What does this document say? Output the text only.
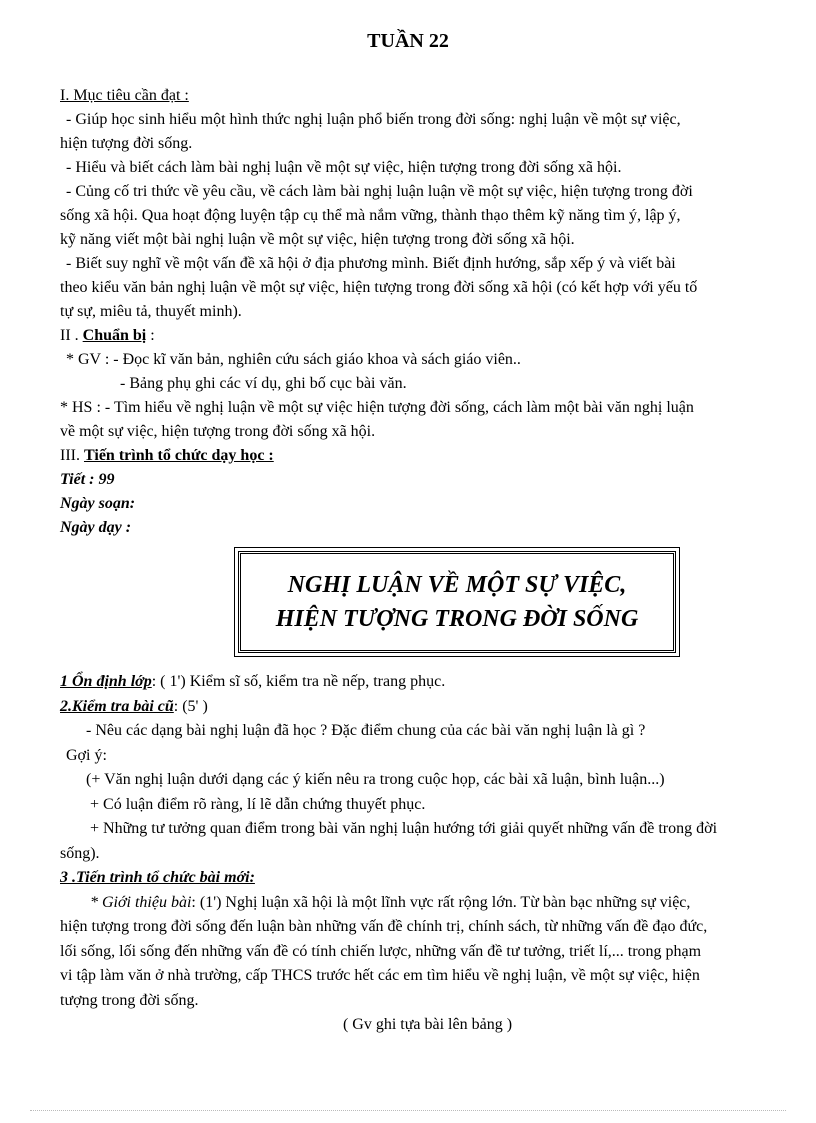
TUẦN 22
I. Mục tiêu cần đạt :
- Giúp học sinh hiểu một hình thức nghị luận phổ biến trong đời sống: nghị luận về một sự việc,
hiện tượng đời sống.
- Hiểu và biết cách làm bài nghị luận về một sự việc, hiện tượng trong đời sống xã hội.
- Củng cố tri thức về yêu cầu, về cách làm bài nghị luận luận về một sự việc, hiện tượng trong đời
sống xã hội. Qua hoạt động luyện tập cụ thể mà nắm vững, thành thạo thêm kỹ năng tìm ý, lập ý,
kỹ năng viết một bài nghị luận về một sự việc, hiện tượng trong đời sống xã hội.
- Biết suy nghĩ về một vấn đề xã hội ở địa phương mình. Biết định hướng, sắp xếp ý và viết bài
theo kiểu văn bản nghị luận về một sự việc, hiện tượng trong đời sống xã hội (có kết hợp với yếu tố
tự sự, miêu tả, thuyết minh).
II . Chuẩn bị :
* GV : - Đọc kĩ văn bản, nghiên cứu sách giáo khoa và sách giáo viên..
- Bảng phụ ghi các ví dụ, ghi bố cục bài văn.
* HS : - Tìm hiểu về nghị luận về một sự việc hiện tượng đời sống, cách làm một bài văn nghị luận
về một sự việc, hiện tượng trong đời sống xã hội.
III. Tiến trình tổ chức dạy học :
Tiết : 99
Ngày soạn:
Ngày dạy :
NGHỊ LUẬN VỀ MỘT SỰ VIỆC,
HIỆN TƯỢNG TRONG ĐỜI SỐNG
1 Ổn định lớp: ( 1') Kiểm sĩ số, kiểm tra nề nếp, trang phục.
2.Kiểm tra bài cũ: (5' )
- Nêu các dạng bài nghị luận đã học ? Đặc điểm chung của các bài văn nghị luận là gì ?
Gợi ý:
(+ Văn nghị luận dưới dạng các ý kiến nêu ra trong cuộc họp, các bài xã luận, bình luận...)
+ Có luận điểm rõ ràng, lí lẽ dẫn chứng thuyết phục.
+ Những tư tưởng quan điểm trong bài văn nghị luận hướng tới giải quyết những vấn đề trong đời
sống).
3 .Tiến trình tổ chức bài mới:
* Giới thiệu bài: (1') Nghị luận xã hội là một lĩnh vực rất rộng lớn. Từ bàn bạc những sự việc,
hiện tượng trong đời sống đến luận bàn những vấn đề chính trị, chính sách, từ những vấn đề đạo đức,
lối sống, lối sống đến những vấn đề có tính chiến lược, những vấn đề tư tưởng, triết lí,... trong phạm
vi tập làm văn ở nhà trường, cấp THCS trước hết các em tìm hiểu về nghị luận, về một sự việc, hiện
tượng trong đời sống.
( Gv ghi tựa bài lên bảng )
